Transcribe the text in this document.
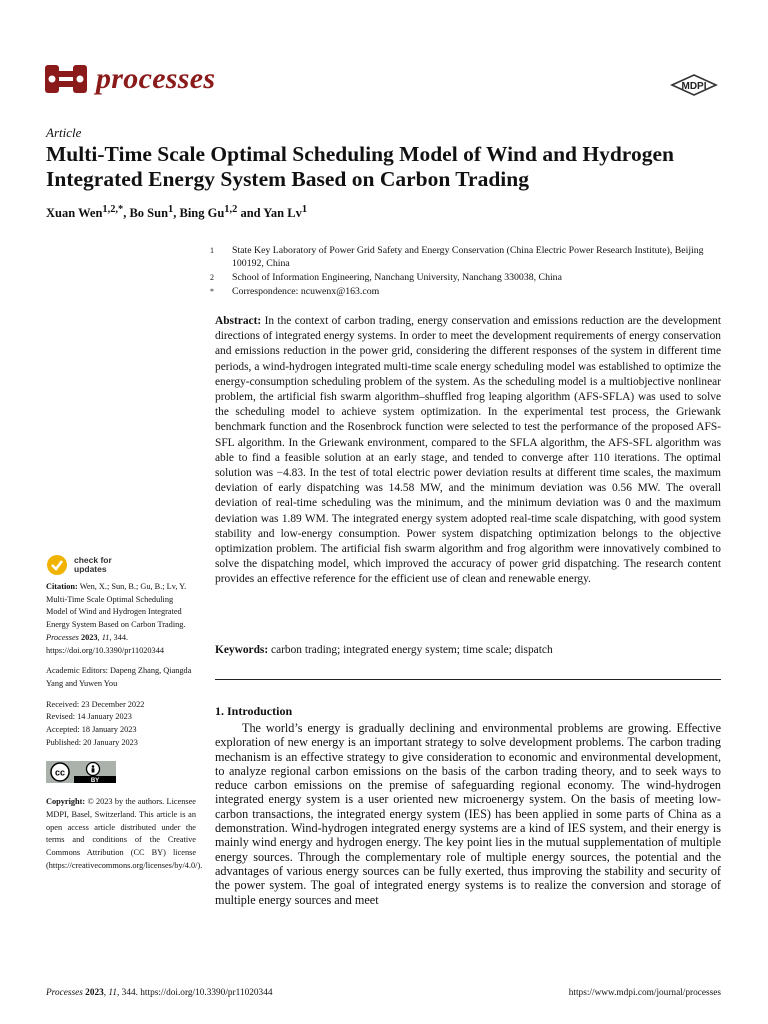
processes	MDPI
Article
Multi-Time Scale Optimal Scheduling Model of Wind and Hydrogen Integrated Energy System Based on Carbon Trading
Xuan Wen$^{1,2,*}$, Bo Sun$^1$, Bing Gu$^{1,2}$ and Yan Lv$^1$
1	State Key Laboratory of Power Grid Safety and Energy Conservation (China Electric Power Research Institute), Beijing 100192, China
2	School of Information Engineering, Nanchang University, Nanchang 330038, China
*	Correspondence: ncuwenx@163.com
Abstract: In the context of carbon trading, energy conservation and emissions reduction are the development directions of integrated energy systems. In order to meet the development requirements of energy conservation and emissions reduction in the power grid, considering the different responses of the system in different time periods, a wind-hydrogen integrated multi-time scale energy scheduling model was established to optimize the energy-consumption scheduling problem of the system. As the scheduling model is a multiobjective nonlinear problem, the artificial fish swarm algorithm–shuffled frog leaping algorithm (AFS-SFLA) was used to solve the scheduling model to achieve system optimization. In the experimental test process, the Griewank benchmark function and the Rosenbrock function were selected to test the performance of the proposed AFS-SFL algorithm. In the Griewank environment, compared to the SFLA algorithm, the AFS-SFL algorithm was able to find a feasible solution at an early stage, and tended to converge after 110 iterations. The optimal solution was −4.83. In the test of total electric power deviation results at different time scales, the maximum deviation of early dispatching was 14.58 MW, and the minimum deviation was 0.56 MW. The overall deviation of real-time scheduling was the minimum, and the minimum deviation was 0 and the maximum deviation was 1.89 WM. The integrated energy system adopted real-time scale dispatching, with good system stability and low-energy consumption. Power system dispatching optimization belongs to the objective optimization problem. The artificial fish swarm algorithm and frog algorithm were innovatively combined to solve the dispatching model, which improved the accuracy of power grid dispatching. The research content provides an effective reference for the efficient use of clean and renewable energy.
Keywords: carbon trading; integrated energy system; time scale; dispatch
check for
updates
Citation: Wen, X.; Sun, B.; Gu, B.; Lv, Y. Multi-Time Scale Optimal Scheduling Model of Wind and Hydrogen Integrated Energy System Based on Carbon Trading. Processes 2023, 11, 344. https://doi.org/10.3390/pr11020344
Academic Editors: Dapeng Zhang, Qiangda Yang and Yuwen You
Received: 23 December 2022
Revised: 14 January 2023
Accepted: 18 January 2023
Published: 20 January 2023
cc
BY
Copyright: © 2023 by the authors. Licensee MDPI, Basel, Switzerland. This article is an open access article distributed under the terms and conditions of the Creative Commons Attribution (CC BY) license (https://creativecommons.org/licenses/by/4.0/).
1. Introduction
The world’s energy is gradually declining and environmental problems are growing. Effective exploration of new energy is an important strategy to solve development problems. The carbon trading mechanism is an effective strategy to give consideration to economic and environmental development, to analyze regional carbon emissions on the basis of the carbon trading theory, and to seek ways to reduce carbon emissions on the premise of safeguarding regional economy. The wind-hydrogen integrated energy system is a user oriented new microenergy system. On the basis of meeting low-carbon transactions, the integrated energy system (IES) has been applied in some parts of China as a demonstration. Wind-hydrogen integrated energy systems are a kind of IES system, and their energy is mainly wind energy and hydrogen energy. The key point lies in the mutual supplementation of multiple energy sources. Through the complementary role of multiple energy sources, the potential and the advantages of various energy sources can be fully exerted, thus improving the stability and security of the power system. The goal of integrated energy systems is to realize the conversion and storage of multiple energy sources and meet
Processes 2023, 11, 344. https://doi.org/10.3390/pr11020344	https://www.mdpi.com/journal/processes
